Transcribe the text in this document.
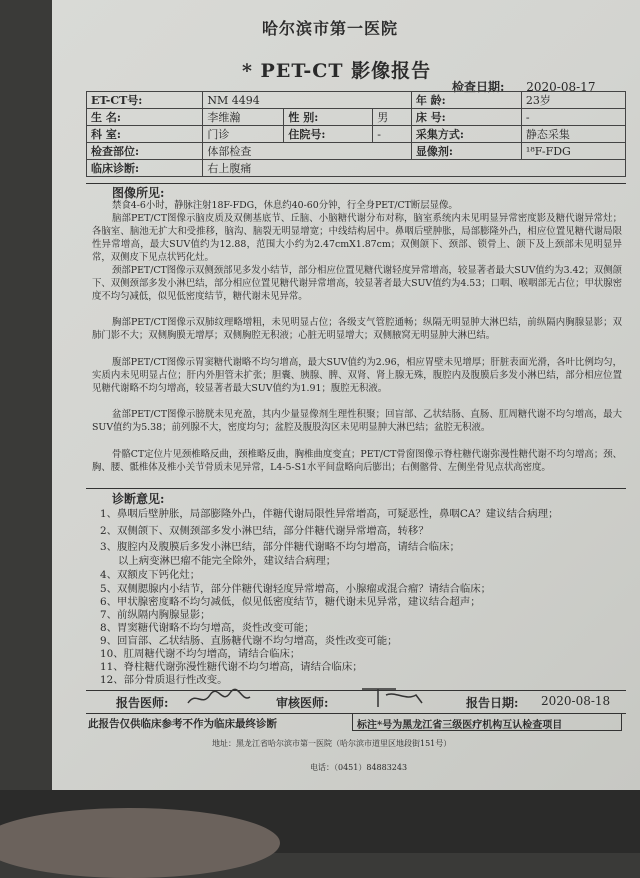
哈尔滨市第一医院
* PET-CT 影像报告
检查日期: 2020-08-17
ET-CT号:	NM 4494			年 龄:	23岁
生 名:	李维瀚	性 别:	男	床 号:	-
科 室:	门诊	住院号:	-	采集方式:	静态采集
检查部位:	体部检查			显像剂:	¹⁸F-FDG
临床诊断:	右上腹痛				
图像所见:

禁食4-6小时，静脉注射18F-FDG，休息约40-60分钟，行全身PET/CT断层显像。

脑部PET/CT图像示脑皮质及双侧基底节、丘脑、小脑糖代谢分布对称，脑室系统内未见明显异常密度影及糖代谢异常灶；各脑室、脑池无扩大和受推移，脑沟、脑裂无明显增宽；中线结构居中。鼻咽后壁肿胀，局部膨隆外凸，相应位置见糖代谢局限性异常增高，最大SUV值约为12.88，范围大小约为2.47cmX1.87cm；双侧颌下、颈部、锁骨上、颌下及上颈部未见明显异常，双侧皮下见点状钙化灶。

颈部PET/CT图像示双侧颈部见多发小结节，部分相应位置见糖代谢轻度异常增高，较显著者最大SUV值约为3.42；双侧颌下、双侧颈部多发小淋巴结，部分相应位置见糖代谢异常增高，较显著者最大SUV值约为4.53；口咽、喉咽部无占位；甲状腺密度不均匀减低，似见低密度结节，糖代谢未见异常。

胸部PET/CT图像示双肺纹理略增粗，未见明显占位；各级支气管腔通畅；纵隔无明显肿大淋巴结，前纵隔内胸腺显影；双肺门影不大；双侧胸膜无增厚；双侧胸腔无积液；心脏无明显增大；双侧腋窝无明显肿大淋巴结。

腹部PET/CT图像示胃窦糖代谢略不均匀增高，最大SUV值约为2.96，相应胃壁未见增厚；肝脏表面光滑，各叶比例均匀，实质内未见明显占位；肝内外胆管未扩张；胆囊、胰腺、脾、双肾、肾上腺无殊，腹腔内及腹膜后多发小淋巴结，部分相应位置见糖代谢略不均匀增高，较显著者最大SUV值约为1.91；腹腔无积液。

盆部PET/CT图像示膀胱未见充盈，其内少量显像剂生理性积聚；回盲部、乙状结肠、直肠、肛周糖代谢不均匀增高，最大SUV值约为5.38；前列腺不大，密度均匀；盆腔及腹股沟区未见明显肿大淋巴结；盆腔无积液。

骨骼CT定位片见颈椎略反曲，颈椎略反曲，胸椎曲度变直；PET/CT骨窗图像示脊柱糖代谢弥漫性糖代谢不均匀增高；颈、胸、腰、骶椎体及椎小关节骨质未见异常，L4-5-S1水平间盘略向后膨出；右侧髂骨、左侧坐骨见点状高密度。

诊断意见:
1、鼻咽后壁肿胀，局部膨隆外凸，伴糖代谢局限性异常增高，可疑恶性，鼻咽CA？建议结合病理；
2、双侧颌下、双侧颈部多发小淋巴结，部分伴糖代谢异常增高，转移？
3、腹腔内及腹膜后多发小淋巴结，部分伴糖代谢略不均匀增高，请结合临床；
以上病变淋巴瘤不能完全除外，建议结合病理；
4、双额皮下钙化灶；
5、双侧腮腺内小结节，部分伴糖代谢轻度异常增高，小腺瘤或混合瘤？请结合临床；
6、甲状腺密度略不均匀减低，似见低密度结节，糖代谢未见异常，建议结合超声；
7、前纵隔内胸腺显影；
8、胃窦糖代谢略不均匀增高，炎性改变可能；
9、回盲部、乙状结肠、直肠糖代谢不均匀增高，炎性改变可能；
10、肛周糖代谢不均匀增高，请结合临床；
11、脊柱糖代谢弥漫性糖代谢不均匀增高，请结合临床；
12、部分骨质退行性改变。
报告医师:	审核医师:	报告日期: 2020-08-18
此报告仅供临床参考不作为临床最终诊断	标注*号为黑龙江省三级医疗机构互认检查项目
地址：黑龙江省哈尔滨市第一医院（哈尔滨市道里区地段街151号）
电话：（0451）84883243
